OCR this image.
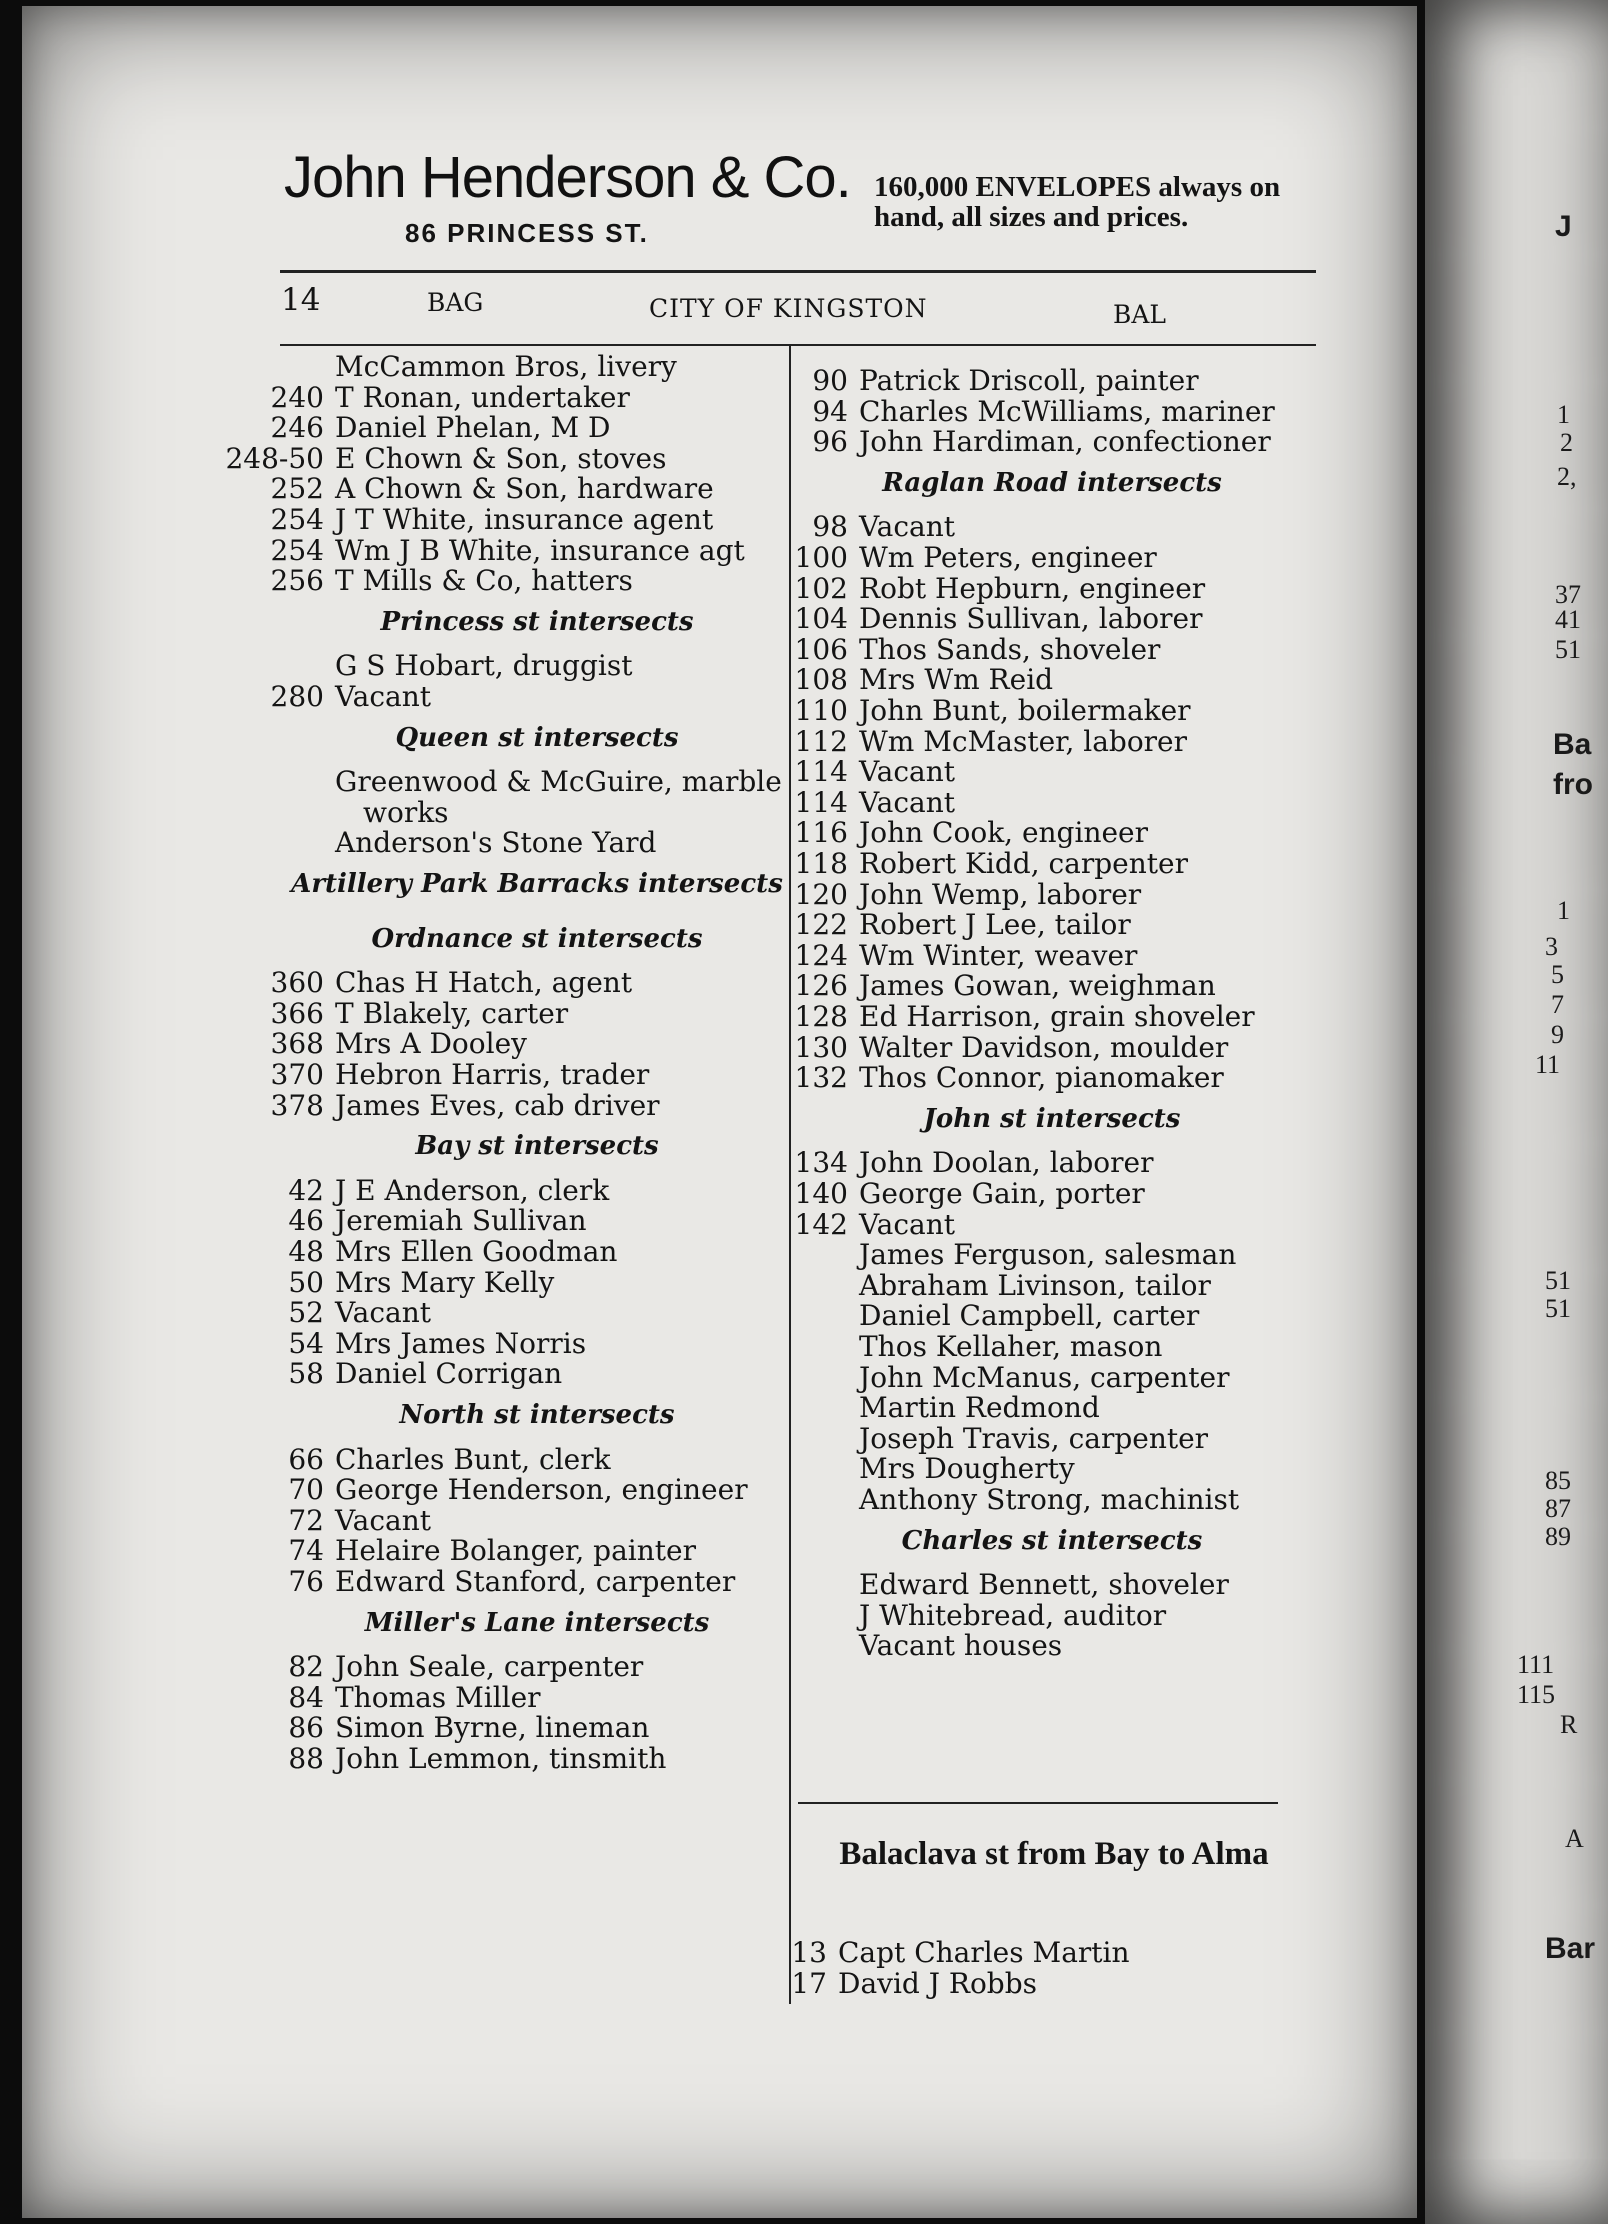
John Henderson & Co.
86 PRINCESS ST.
160,000 ENVELOPES always on hand, all sizes and prices.
14	BAG	CITY OF KINGSTON	BAL
McCammon Bros, livery
240 T Ronan, undertaker
246 Daniel Phelan, M D
248-50 E Chown & Son, stoves
252 A Chown & Son, hardware
254 J T White, insurance agent
254 Wm J B White, insurance agt
256 T Mills & Co, hatters
Princess st intersects
G S Hobart, druggist
280 Vacant
Queen st intersects
Greenwood & McGuire, marble
works
Anderson's Stone Yard
Artillery Park Barracks intersects
Ordnance st intersects
360 Chas H Hatch, agent
366 T Blakely, carter
368 Mrs A Dooley
370 Hebron Harris, trader
378 James Eves, cab driver
Bay st intersects
42 J E Anderson, clerk
46 Jeremiah Sullivan
48 Mrs Ellen Goodman
50 Mrs Mary Kelly
52 Vacant
54 Mrs James Norris
58 Daniel Corrigan
North st intersects
66 Charles Bunt, clerk
70 George Henderson, engineer
72 Vacant
74 Helaire Bolanger, painter
76 Edward Stanford, carpenter
Miller's Lane intersects
82 John Seale, carpenter
84 Thomas Miller
86 Simon Byrne, lineman
88 John Lemmon, tinsmith
90 Patrick Driscoll, painter
94 Charles McWilliams, mariner
96 John Hardiman, confectioner
Raglan Road intersects
98 Vacant
100 Wm Peters, engineer
102 Robt Hepburn, engineer
104 Dennis Sullivan, laborer
106 Thos Sands, shoveler
108 Mrs Wm Reid
110 John Bunt, boilermaker
112 Wm McMaster, laborer
114 Vacant
114 Vacant
116 John Cook, engineer
118 Robert Kidd, carpenter
120 John Wemp, laborer
122 Robert J Lee, tailor
124 Wm Winter, weaver
126 James Gowan, weighman
128 Ed Harrison, grain shoveler
130 Walter Davidson, moulder
132 Thos Connor, pianomaker
John st intersects
134 John Doolan, laborer
140 George Gain, porter
142 Vacant
James Ferguson, salesman
Abraham Livinson, tailor
Daniel Campbell, carter
Thos Kellaher, mason
John McManus, carpenter
Martin Redmond
Joseph Travis, carpenter
Mrs Dougherty
Anthony Strong, machinist
Charles st intersects
Edward Bennett, shoveler
J Whitebread, auditor
Vacant houses
Balaclava st from Bay to Alma
13 Capt Charles Martin
17 David J Robbs
J
1
2
2,
37
41
51
Ba
fro
1
3
5
7
9
11
51
51
85
87
89
111
115
R
A
Bar
